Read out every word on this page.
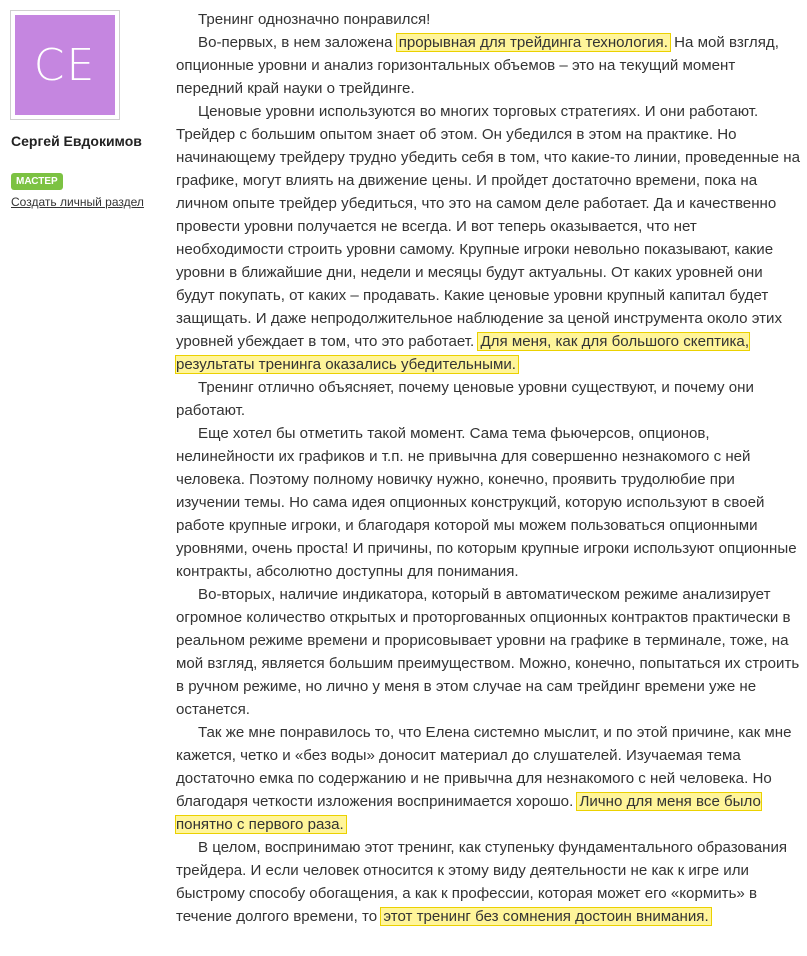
CE
Сергей Евдокимов
МАСТЕР
Создать личный раздел

Тренинг однозначно понравился!

Во-первых, в нем заложена прорывная для трейдинга технология. На мой взгляд, опционные уровни и анализ горизонтальных объемов – это на текущий момент передний край науки о трейдинге.

Ценовые уровни используются во многих торговых стратегиях. И они работают. Трейдер с большим опытом знает об этом. Он убедился в этом на практике. Но начинающему трейдеру трудно убедить себя в том, что какие-то линии, проведенные на графике, могут влиять на движение цены. И пройдет достаточно времени, пока на личном опыте трейдер убедиться, что это на самом деле работает. Да и качественно провести уровни получается не всегда. И вот теперь оказывается, что нет необходимости строить уровни самому. Крупные игроки невольно показывают, какие уровни в ближайшие дни, недели и месяцы будут актуальны. От каких уровней они будут покупать, от каких – продавать. Какие ценовые уровни крупный капитал будет защищать. И даже непродолжительное наблюдение за ценой инструмента около этих уровней убеждает в том, что это работает. Для меня, как для большого скептика, результаты тренинга оказались убедительными.

Тренинг отлично объясняет, почему ценовые уровни существуют, и почему они работают.

Еще хотел бы отметить такой момент. Сама тема фьючерсов, опционов, нелинейности их графиков и т.п. не привычна для совершенно незнакомого с ней человека. Поэтому полному новичку нужно, конечно, проявить трудолюбие при изучении темы. Но сама идея опционных конструкций, которую используют в своей работе крупные игроки, и благодаря которой мы можем пользоваться опционными уровнями, очень проста! И причины, по которым крупные игроки используют опционные контракты, абсолютно доступны для понимания.

Во-вторых, наличие индикатора, который в автоматическом режиме анализирует огромное количество открытых и проторгованных опционных контрактов практически в реальном режиме времени и прорисовывает уровни на графике в терминале, тоже, на мой взгляд, является большим преимуществом. Можно, конечно, попытаться их строить в ручном режиме, но лично у меня в этом случае на сам трейдинг времени уже не останется.

Так же мне понравилось то, что Елена системно мыслит, и по этой причине, как мне кажется, четко и «без воды» доносит материал до слушателей. Изучаемая тема достаточно емка по содержанию и не привычна для незнакомого с ней человека. Но благодаря четкости изложения воспринимается хорошо. Лично для меня все было понятно с первого раза.

В целом, воспринимаю этот тренинг, как ступеньку фундаментального образования трейдера. И если человек относится к этому виду деятельности не как к игре или быстрому способу обогащения, а как к профессии, которая может его «кормить» в течение долгого времени, то этот тренинг без сомнения достоин внимания.
